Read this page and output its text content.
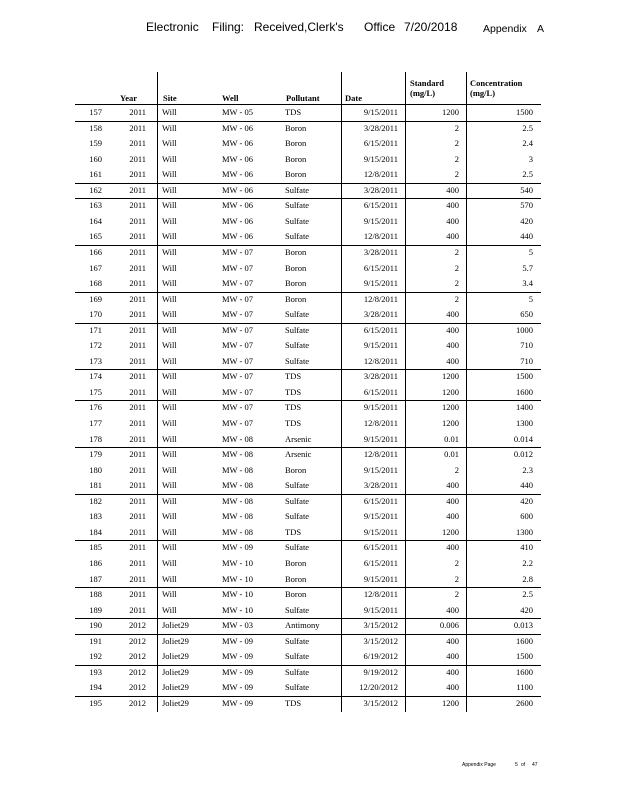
Electronic Filing: Received,Clerk's Office 7/20/2018 Appendix A
Year	Site	Well	Pollutant	Date
Standard
(mg/L)
Concentration
(mg/L)
157	2011 Will	MW - 05	TDS	9/15/2011	1200	1500
158	2011 Will	MW - 06	Boron	3/28/2011	2	2.5
159	2011 Will	MW - 06	Boron	6/15/2011	2	2.4
160	2011 Will	MW - 06	Boron	9/15/2011	2	3
161	2011 Will	MW - 06	Boron	12/8/2011	2	2.5
162	2011 Will	MW - 06	Sulfate	3/28/2011	400	540
163	2011 Will	MW - 06	Sulfate	6/15/2011	400	570
164	2011 Will	MW - 06	Sulfate	9/15/2011	400	420
165	2011 Will	MW - 06	Sulfate	12/8/2011	400	440
166	2011 Will	MW - 07	Boron	3/28/2011	2	5
167	2011 Will	MW - 07	Boron	6/15/2011	2	5.7
168	2011 Will	MW - 07	Boron	9/15/2011	2	3.4
169	2011 Will	MW - 07	Boron	12/8/2011	2	5
170	2011 Will	MW - 07	Sulfate	3/28/2011	400	650
171	2011 Will	MW - 07	Sulfate	6/15/2011	400	1000
172	2011 Will	MW - 07	Sulfate	9/15/2011	400	710
173	2011 Will	MW - 07	Sulfate	12/8/2011	400	710
174	2011 Will	MW - 07	TDS	3/28/2011	1200	1500
175	2011 Will	MW - 07	TDS	6/15/2011	1200	1600
176	2011 Will	MW - 07	TDS	9/15/2011	1200	1400
177	2011 Will	MW - 07	TDS	12/8/2011	1200	1300
178	2011 Will	MW - 08	Arsenic	9/15/2011	0.01	0.014
179	2011 Will	MW - 08	Arsenic	12/8/2011	0.01	0.012
180	2011 Will	MW - 08	Boron	9/15/2011	2	2.3
181	2011 Will	MW - 08	Sulfate	3/28/2011	400	440
182	2011 Will	MW - 08	Sulfate	6/15/2011	400	420
183	2011 Will	MW - 08	Sulfate	9/15/2011	400	600
184	2011 Will	MW - 08	TDS	9/15/2011	1200	1300
185	2011 Will	MW - 09	Sulfate	6/15/2011	400	410
186	2011 Will	MW - 10	Boron	6/15/2011	2	2.2
187	2011 Will	MW - 10	Boron	9/15/2011	2	2.8
188	2011 Will	MW - 10	Boron	12/8/2011	2	2.5
189	2011 Will	MW - 10	Sulfate	9/15/2011	400	420
190	2012 Joliet29	MW - 03	Antimony	3/15/2012	0.006	0.013
191	2012 Joliet29	MW - 09	Sulfate	3/15/2012	400	1600
192	2012 Joliet29	MW - 09	Sulfate	6/19/2012	400	1500
193	2012 Joliet29	MW - 09	Sulfate	9/19/2012	400	1600
194	2012 Joliet29	MW - 09	Sulfate	12/20/2012	400	1100
195	2012 Joliet29	MW - 09	TDS	3/15/2012	1200	2600
Appendix Page	5 of 47
